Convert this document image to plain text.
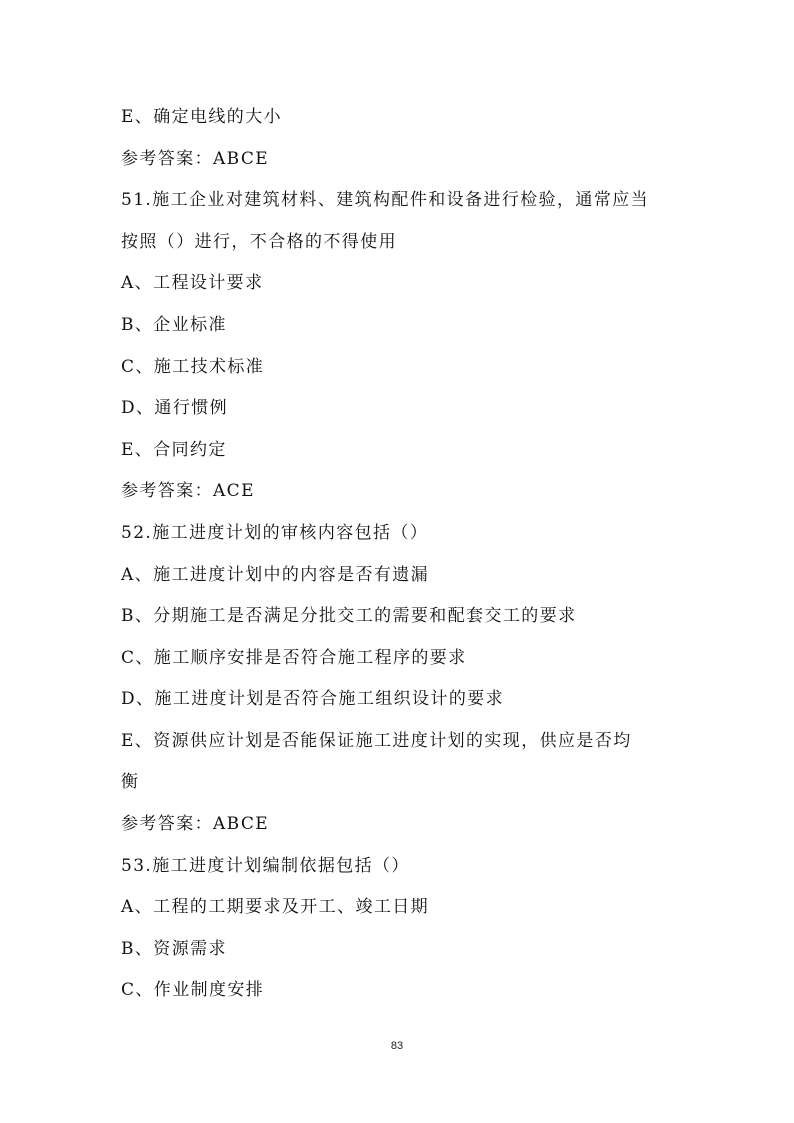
E、确定电线的大小
参考答案：ABCE
51.施工企业对建筑材料、建筑构配件和设备进行检验，通常应当
按照（）进行，不合格的不得使用
A、工程设计要求
B、企业标准
C、施工技术标准
D、通行惯例
E、合同约定
参考答案：ACE
52.施工进度计划的审核内容包括（）
A、施工进度计划中的内容是否有遗漏
B、分期施工是否满足分批交工的需要和配套交工的要求
C、施工顺序安排是否符合施工程序的要求
D、施工进度计划是否符合施工组织设计的要求
E、资源供应计划是否能保证施工进度计划的实现，供应是否均
衡
参考答案：ABCE
53.施工进度计划编制依据包括（）
A、工程的工期要求及开工、竣工日期
B、资源需求
C、作业制度安排
83
